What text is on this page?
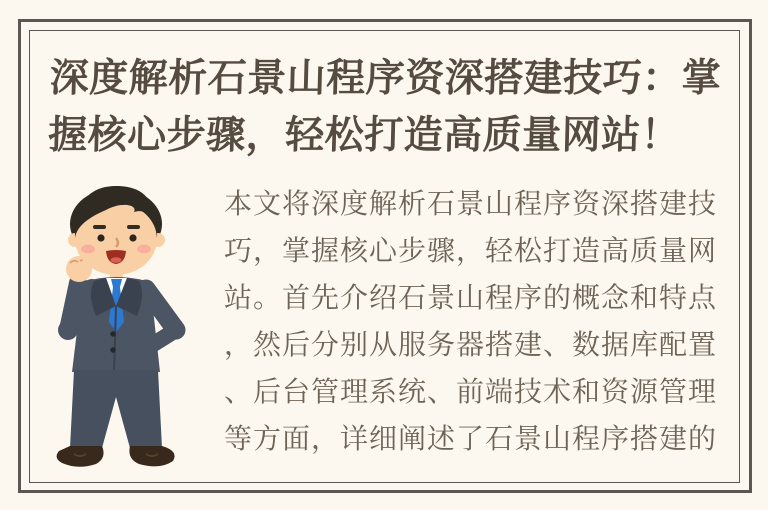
深度解析石景山程序资深搭建技巧：掌
握核心步骤，轻松打造高质量网站！
本文将深度解析石景山程序资深搭建技
巧，掌握核心步骤，轻松打造高质量网
站。首先介绍石景山程序的概念和特点
，然后分别从服务器搭建、数据库配置
、后台管理系统、前端技术和资源管理
等方面，详细阐述了石景山程序搭建的
